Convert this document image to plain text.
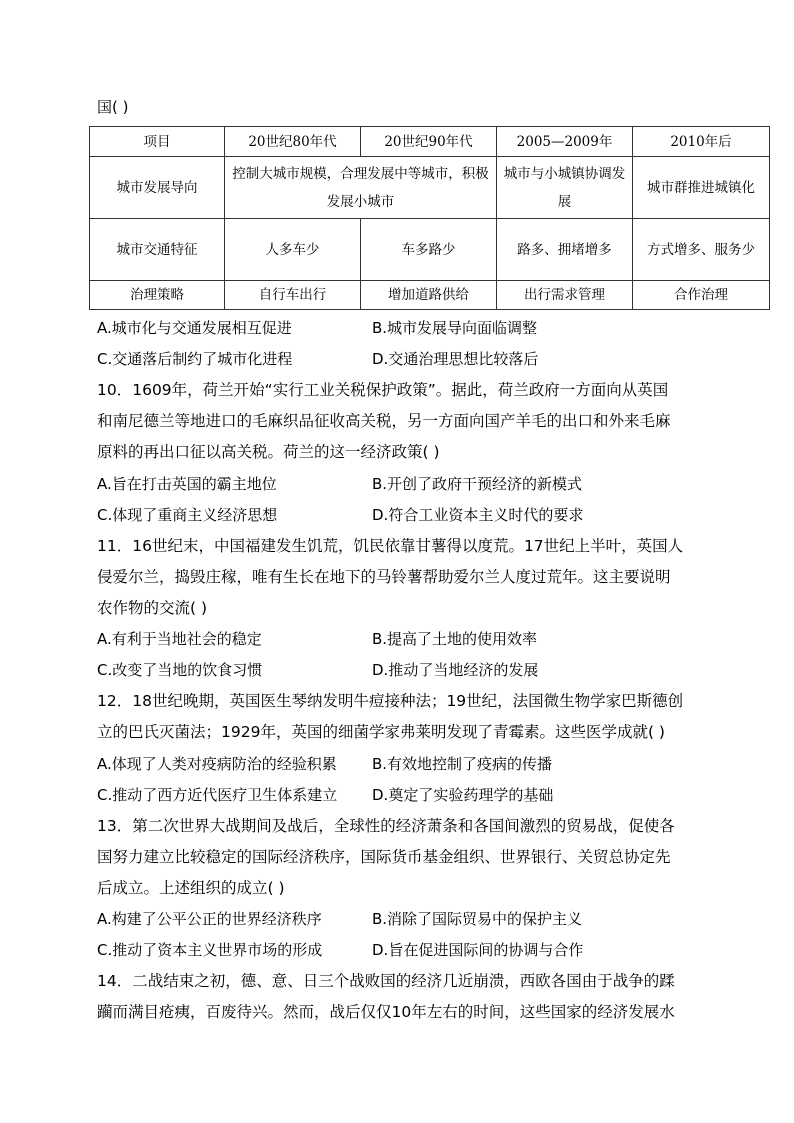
国( )
项目	20世纪80年代	20世纪90年代	2005—2009年	2010年后
城市发展导向	控制大城市规模，合理发展中等城市，积极发展小城市		城市与小城镇协调发展	城市群推进城镇化
城市交通特征	人多车少	车多路少	路多、拥堵增多	方式增多、服务少
治理策略	自行车出行	增加道路供给	出行需求管理	合作治理
A.城市化与交通发展相互促进	B.城市发展导向面临调整
C.交通落后制约了城市化进程	D.交通治理思想比较落后
10．1609年，荷兰开始“实行工业关税保护政策”。据此，荷兰政府一方面向从英国
和南尼德兰等地进口的毛麻织品征收高关税，另一方面向国产羊毛的出口和外来毛麻
原料的再出口征以高关税。荷兰的这一经济政策( )
A.旨在打击英国的霸主地位	B.开创了政府干预经济的新模式
C.体现了重商主义经济思想	D.符合工业资本主义时代的要求
11．16世纪末，中国福建发生饥荒，饥民依靠甘薯得以度荒。17世纪上半叶，英国人
侵爱尔兰，捣毁庄稼，唯有生长在地下的马铃薯帮助爱尔兰人度过荒年。这主要说明
农作物的交流( )
A.有利于当地社会的稳定	B.提高了土地的使用效率
C.改变了当地的饮食习惯	D.推动了当地经济的发展
12．18世纪晚期，英国医生琴纳发明牛痘接种法；19世纪，法国微生物学家巴斯德创
立的巴氏灭菌法；1929年，英国的细菌学家弗莱明发现了青霉素。这些医学成就( )
A.体现了人类对疫病防治的经验积累 B.有效地控制了疫病的传播
C.推动了西方近代医疗卫生体系建立 D.奠定了实验药理学的基础
13．第二次世界大战期间及战后，全球性的经济萧条和各国间激烈的贸易战，促使各
国努力建立比较稳定的国际经济秩序，国际货币基金组织、世界银行、关贸总协定先
后成立。上述组织的成立( )
A.构建了公平公正的世界经济秩序	B.消除了国际贸易中的保护主义
C.推动了资本主义世界市场的形成	D.旨在促进国际间的协调与合作
14．二战结束之初，德、意、日三个战败国的经济几近崩溃，西欧各国由于战争的蹂
躏而满目疮痍，百废待兴。然而，战后仅仅10年左右的时间，这些国家的经济发展水
